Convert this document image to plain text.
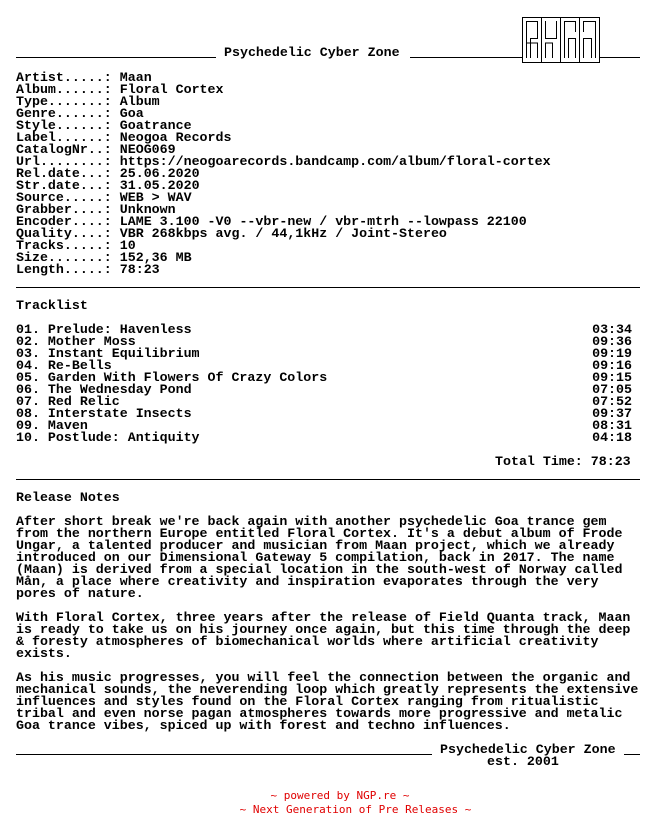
Psychedelic Cyber Zone
Artist.....: Maan
Album......: Floral Cortex
Type.......: Album
Genre......: Goa
Style......: Goatrance
Label......: Neogoa Records
CatalogNr..: NEOG069
Url........: https://neogoarecords.bandcamp.com/album/floral-cortex
Rel.date...: 25.06.2020
Str.date...: 31.05.2020
Source.....: WEB > WAV
Grabber....: Unknown
Encoder....: LAME 3.100 -V0 --vbr-new / vbr-mtrh --lowpass 22100
Quality....: VBR 268kbps avg. / 44,1kHz / Joint-Stereo
Tracks.....: 10
Size.......: 152,36 MB
Length.....: 78:23
Tracklist
01. Prelude: Havenless	03:34
02. Mother Moss	09:36
03. Instant Equilibrium	09:19
04. Re-Bells	09:16
05. Garden With Flowers Of Crazy Colors	09:15
06. The Wednesday Pond	07:05
07. Red Relic	07:52
08. Interstate Insects	09:37
09. Maven	08:31
10. Postlude: Antiquity	04:18
Total Time: 78:23
Release Notes
After short break we're back again with another psychedelic Goa trance gem
from the northern Europe entitled Floral Cortex. It's a debut album of Frode
Ungar, a talented producer and musician from Maan project, which we already
introduced on our Dimensional Gateway 5 compilation, back in 2017. The name
(Maan) is derived from a special location in the south-west of Norway called
Mån, a place where creativity and inspiration evaporates through the very
pores of nature.
With Floral Cortex, three years after the release of Field Quanta track, Maan
is ready to take us on his journey once again, but this time through the deep
& foresty atmospheres of biomechanical worlds where artificial creativity
exists.
As his music progresses, you will feel the connection between the organic and
mechanical sounds, the neverending loop which greatly represents the extensive
influences and styles found on the Floral Cortex ranging from ritualistic
tribal and even norse pagan atmospheres towards more progressive and metalic
Goa trance vibes, spiced up with forest and techno influences.
Psychedelic Cyber Zone
est. 2001
~ powered by NGP.re ~
~ Next Generation of Pre Releases ~
